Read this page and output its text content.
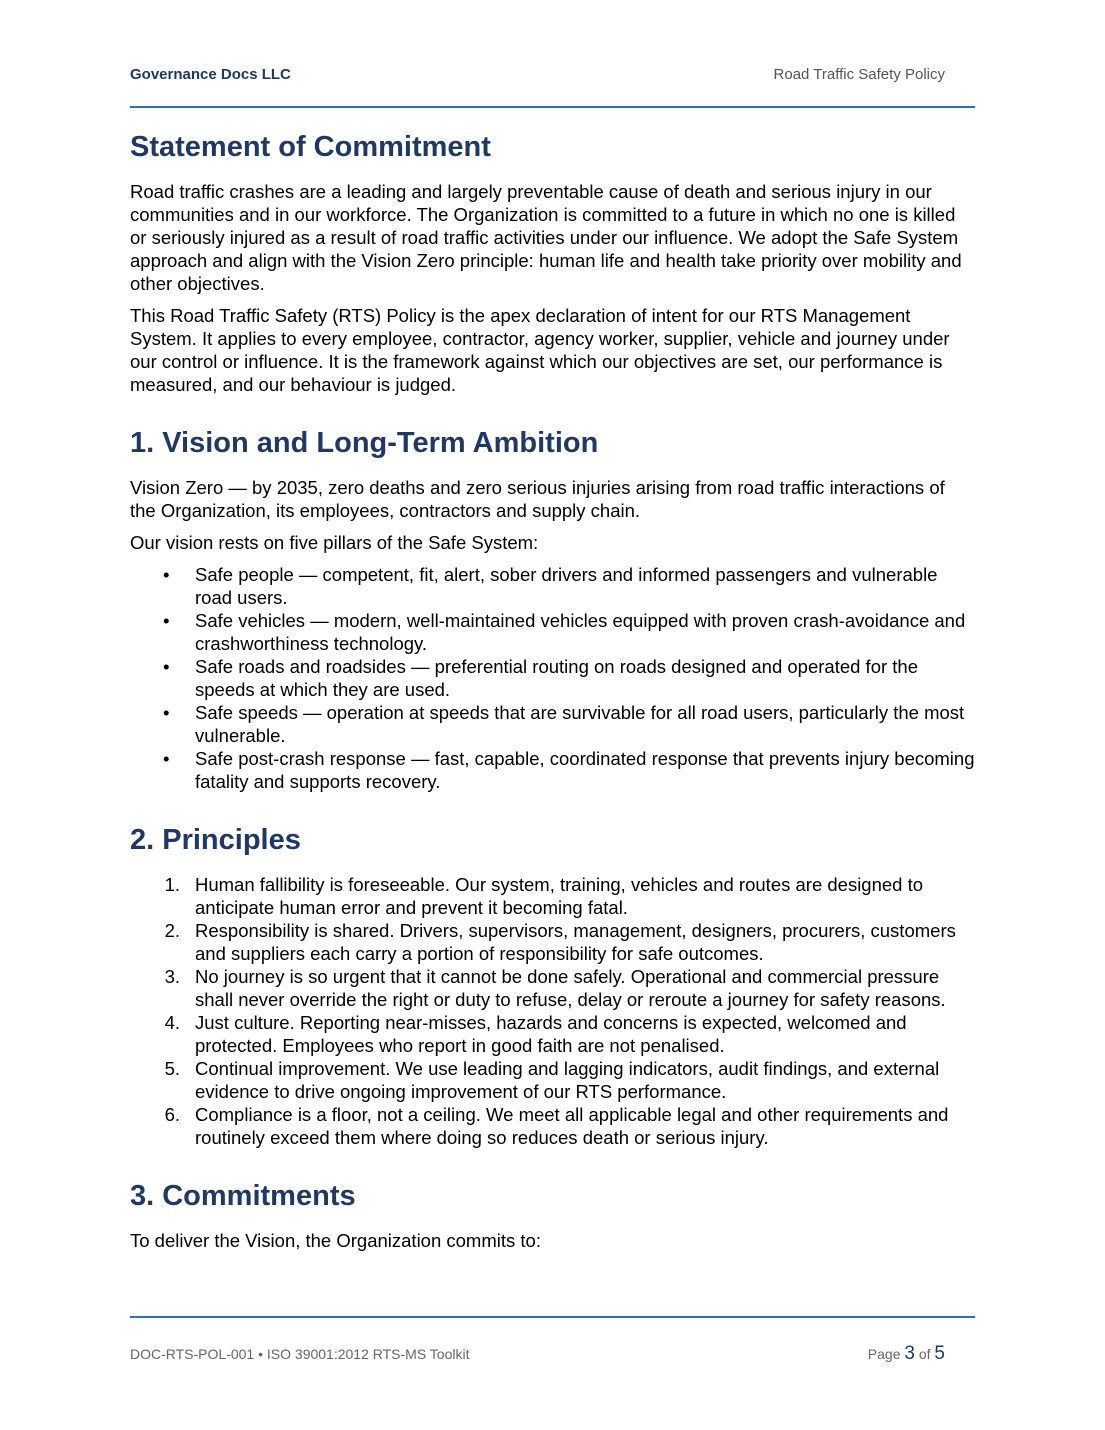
Governance Docs LLC	Road Traffic Safety Policy
Statement of Commitment

Road traffic crashes are a leading and largely preventable cause of death and serious injury in our communities and in our workforce. The Organization is committed to a future in which no one is killed or seriously injured as a result of road traffic activities under our influence. We adopt the Safe System approach and align with the Vision Zero principle: human life and health take priority over mobility and other objectives.

This Road Traffic Safety (RTS) Policy is the apex declaration of intent for our RTS Management System. It applies to every employee, contractor, agency worker, supplier, vehicle and journey under our control or influence. It is the framework against which our objectives are set, our performance is measured, and our behaviour is judged.

1. Vision and Long-Term Ambition

Vision Zero — by 2035, zero deaths and zero serious injuries arising from road traffic interactions of the Organization, its employees, contractors and supply chain.

Our vision rests on five pillars of the Safe System:

• Safe people — competent, fit, alert, sober drivers and informed passengers and vulnerable road users.
• Safe vehicles — modern, well-maintained vehicles equipped with proven crash-avoidance and crashworthiness technology.
• Safe roads and roadsides — preferential routing on roads designed and operated for the speeds at which they are used.
• Safe speeds — operation at speeds that are survivable for all road users, particularly the most vulnerable.
• Safe post-crash response — fast, capable, coordinated response that prevents injury becoming fatality and supports recovery.
2. Principles
1. Human fallibility is foreseeable. Our system, training, vehicles and routes are designed to anticipate human error and prevent it becoming fatal.
2. Responsibility is shared. Drivers, supervisors, management, designers, procurers, customers and suppliers each carry a portion of responsibility for safe outcomes.
3. No journey is so urgent that it cannot be done safely. Operational and commercial pressure shall never override the right or duty to refuse, delay or reroute a journey for safety reasons.
4. Just culture. Reporting near-misses, hazards and concerns is expected, welcomed and protected. Employees who report in good faith are not penalised.
5. Continual improvement. We use leading and lagging indicators, audit findings, and external evidence to drive ongoing improvement of our RTS performance.
6. Compliance is a floor, not a ceiling. We meet all applicable legal and other requirements and routinely exceed them where doing so reduces death or serious injury.
3. Commitments

To deliver the Vision, the Organization commits to:

DOC-RTS-POL-001 • ISO 39001:2012 RTS-MS Toolkit	Page 3 of 5
